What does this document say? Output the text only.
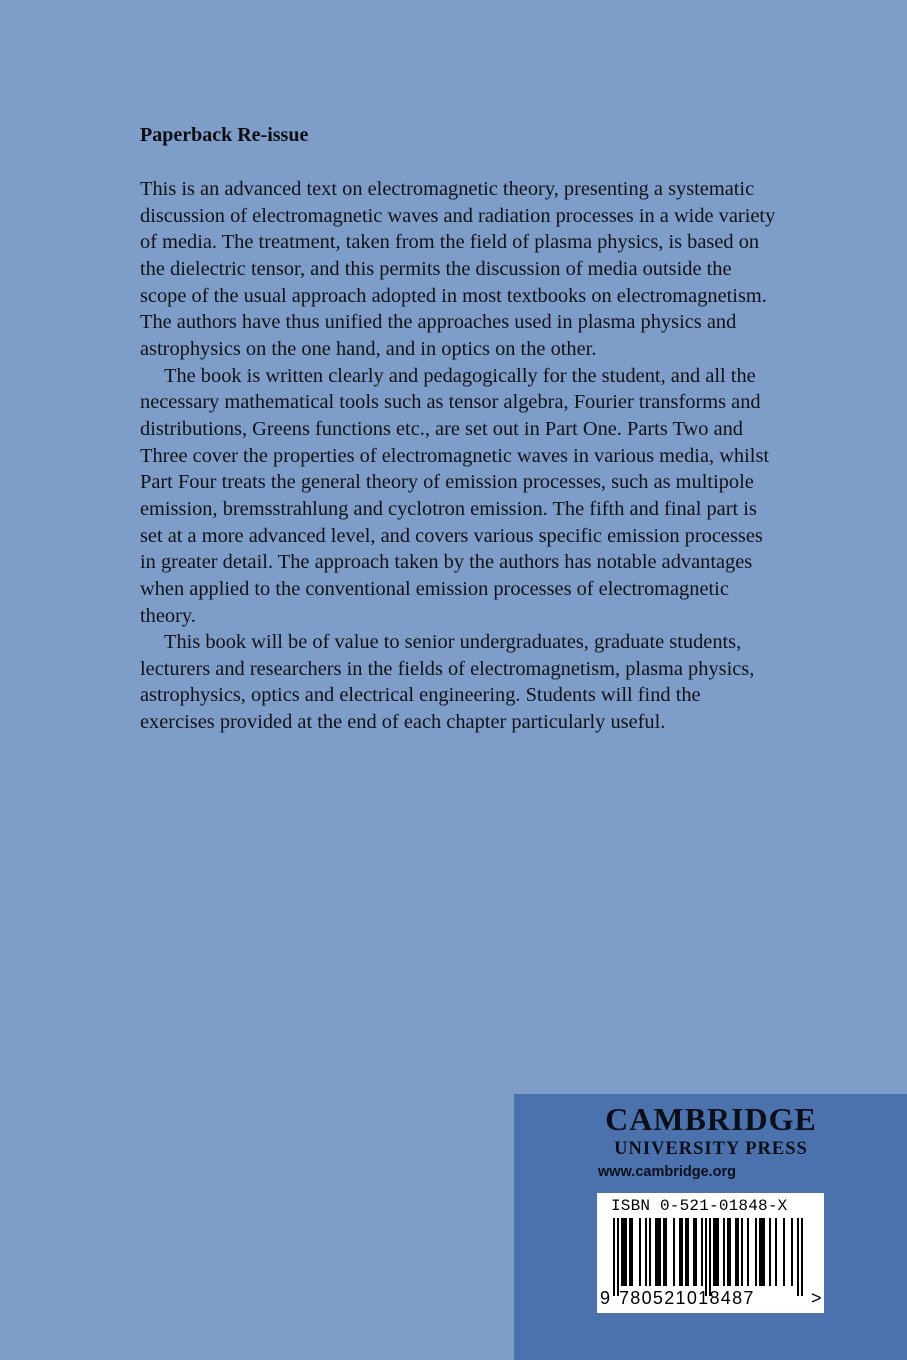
Paperback Re-issue

This is an advanced text on electromagnetic theory, presenting a systematic discussion of electromagnetic waves and radiation processes in a wide variety of media. The treatment, taken from the field of plasma physics, is based on the dielectric tensor, and this permits the discussion of media outside the scope of the usual approach adopted in most textbooks on electromagnetism. The authors have thus unified the approaches used in plasma physics and astrophysics on the one hand, and in optics on the other.

The book is written clearly and pedagogically for the student, and all the necessary mathematical tools such as tensor algebra, Fourier transforms and distributions, Greens functions etc., are set out in Part One. Parts Two and Three cover the properties of electromagnetic waves in various media, whilst Part Four treats the general theory of emission processes, such as multipole emission, bremsstrahlung and cyclotron emission. The fifth and final part is set at a more advanced level, and covers various specific emission processes in greater detail. The approach taken by the authors has notable advantages when applied to the conventional emission processes of electromagnetic theory.

This book will be of value to senior undergraduates, graduate students, lecturers and researchers in the fields of electromagnetism, plasma physics, astrophysics, optics and electrical engineering. Students will find the exercises provided at the end of each chapter particularly useful.

CAMBRIDGE
UNIVERSITY PRESS
www.cambridge.org
ISBN 0-521-01848-X
9 780521018487	>
